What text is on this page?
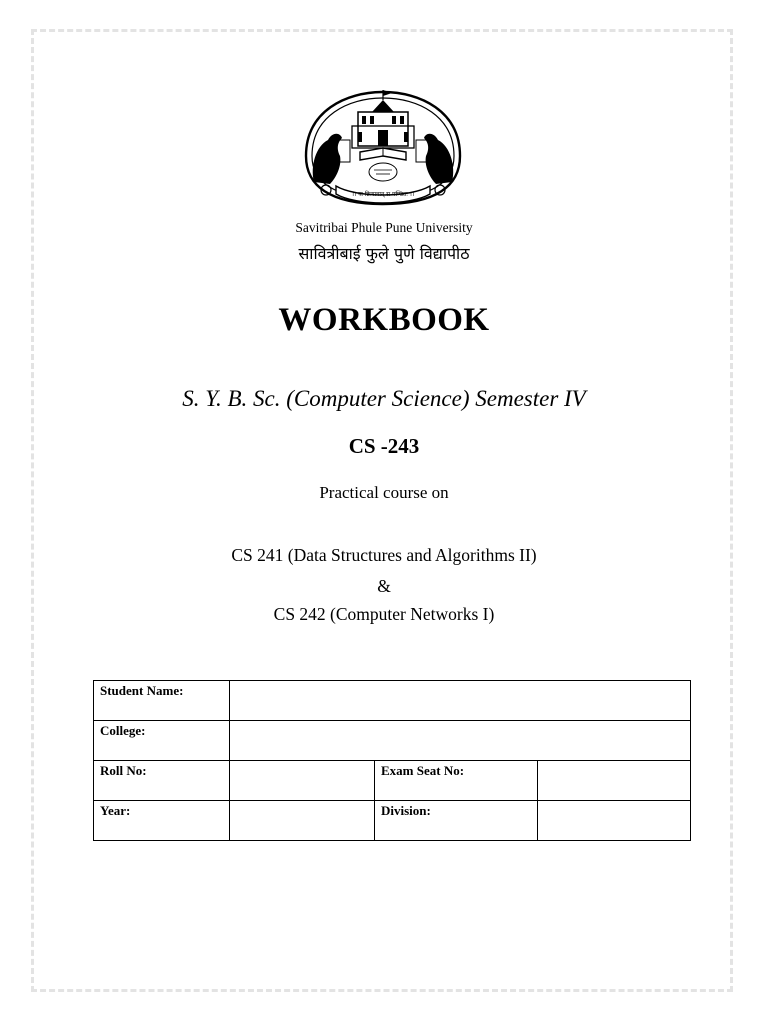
।। यः क्रियावान् स पण्डितः ।।
Savitribai Phule Pune University
सावित्रीबाई फुले पुणे विद्यापीठ
WORKBOOK
S. Y. B. Sc. (Computer Science) Semester IV
CS -243
Practical course on
CS 241 (Data Structures and Algorithms II)
&
CS 242 (Computer Networks I)
Student Name:			
College:			
Roll No:		Exam Seat No:	
Year:		Division:	
